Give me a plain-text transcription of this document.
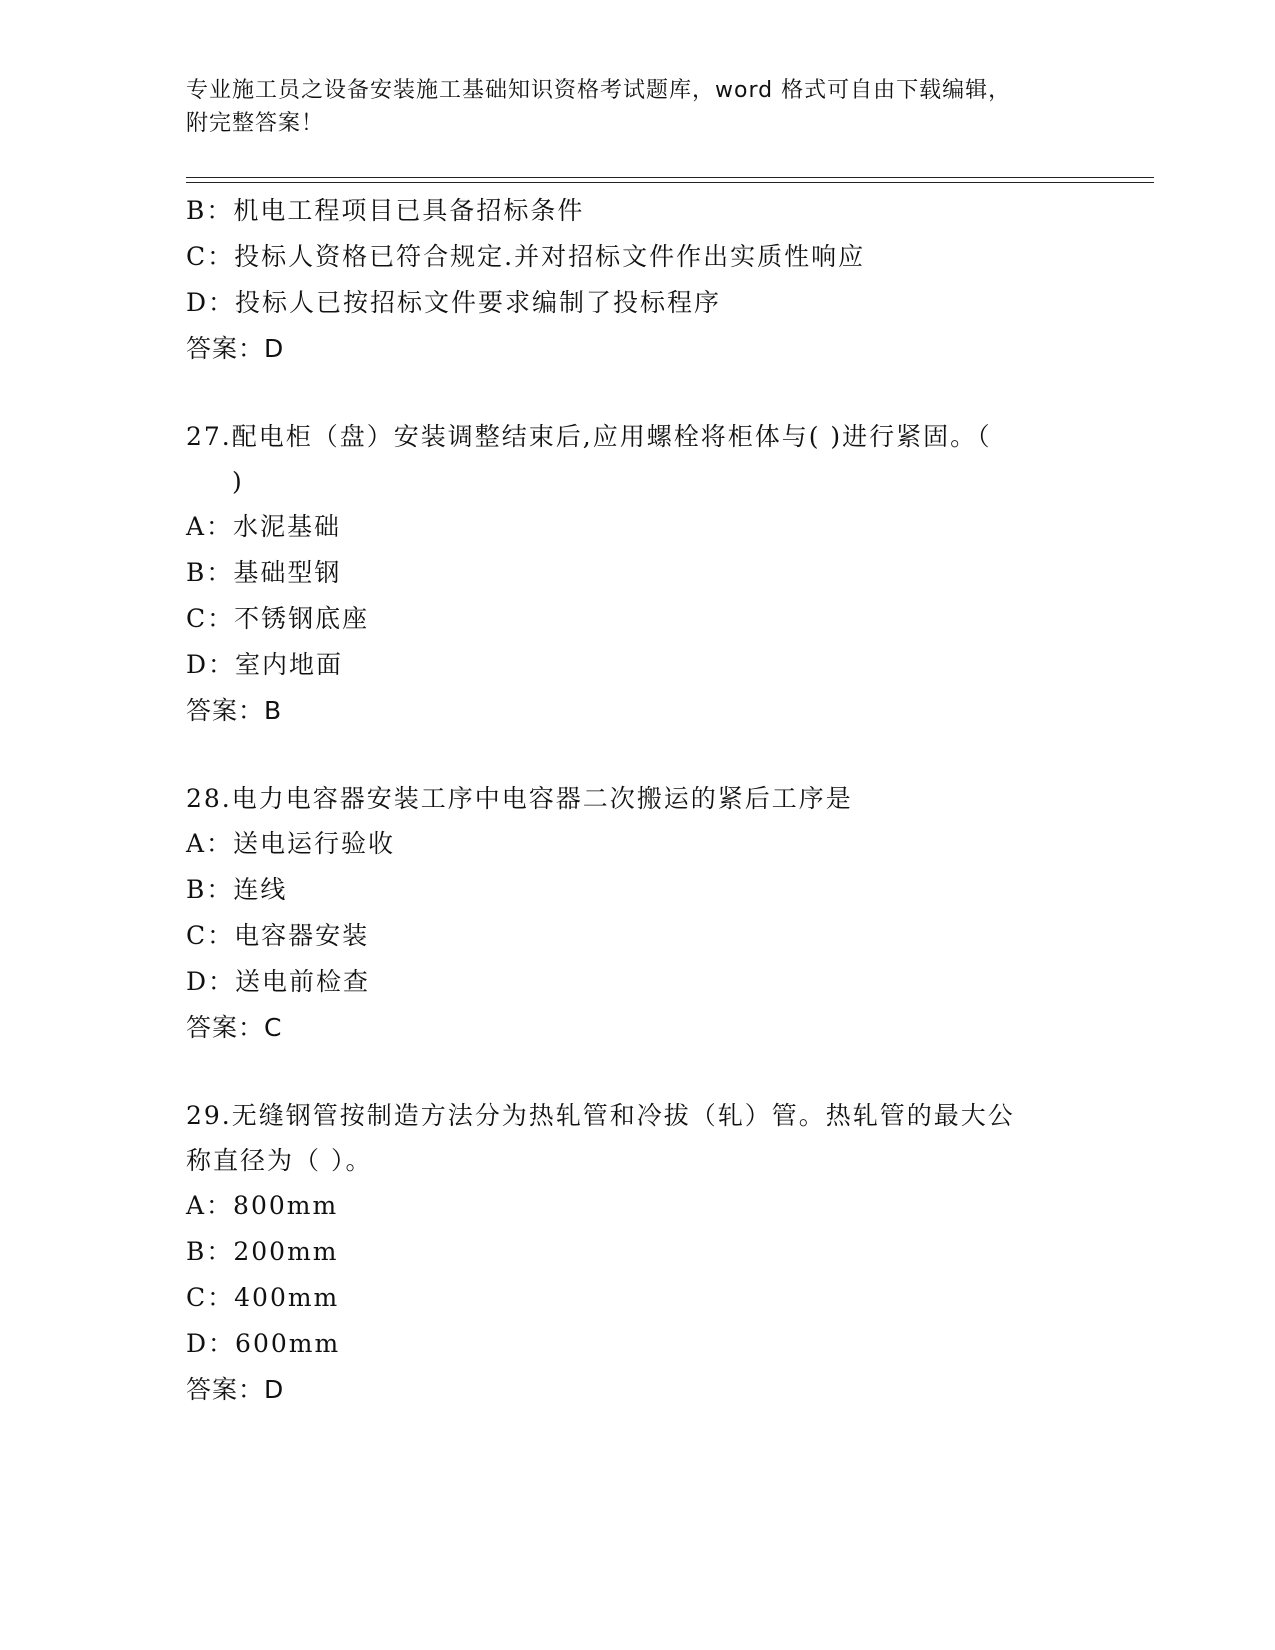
专业施工员之设备安装施工基础知识资格考试题库，word 格式可自由下载编辑，
附完整答案！
B：机电工程项目已具备招标条件
C：投标人资格已符合规定.并对招标文件作出实质性响应
D：投标人已按招标文件要求编制了投标程序
答案：D
27.配电柜（盘）安装调整结束后,应用螺栓将柜体与( )进行紧固。（
)
A：水泥基础
B：基础型钢
C：不锈钢底座
D：室内地面
答案：B
28.电力电容器安装工序中电容器二次搬运的紧后工序是
A：送电运行验收
B：连线
C：电容器安装
D：送电前检查
答案：C
29.无缝钢管按制造方法分为热轧管和冷拔（轧）管。热轧管的最大公
称直径为（ ）。
A：800mm
B：200mm
C：400mm
D：600mm
答案：D
